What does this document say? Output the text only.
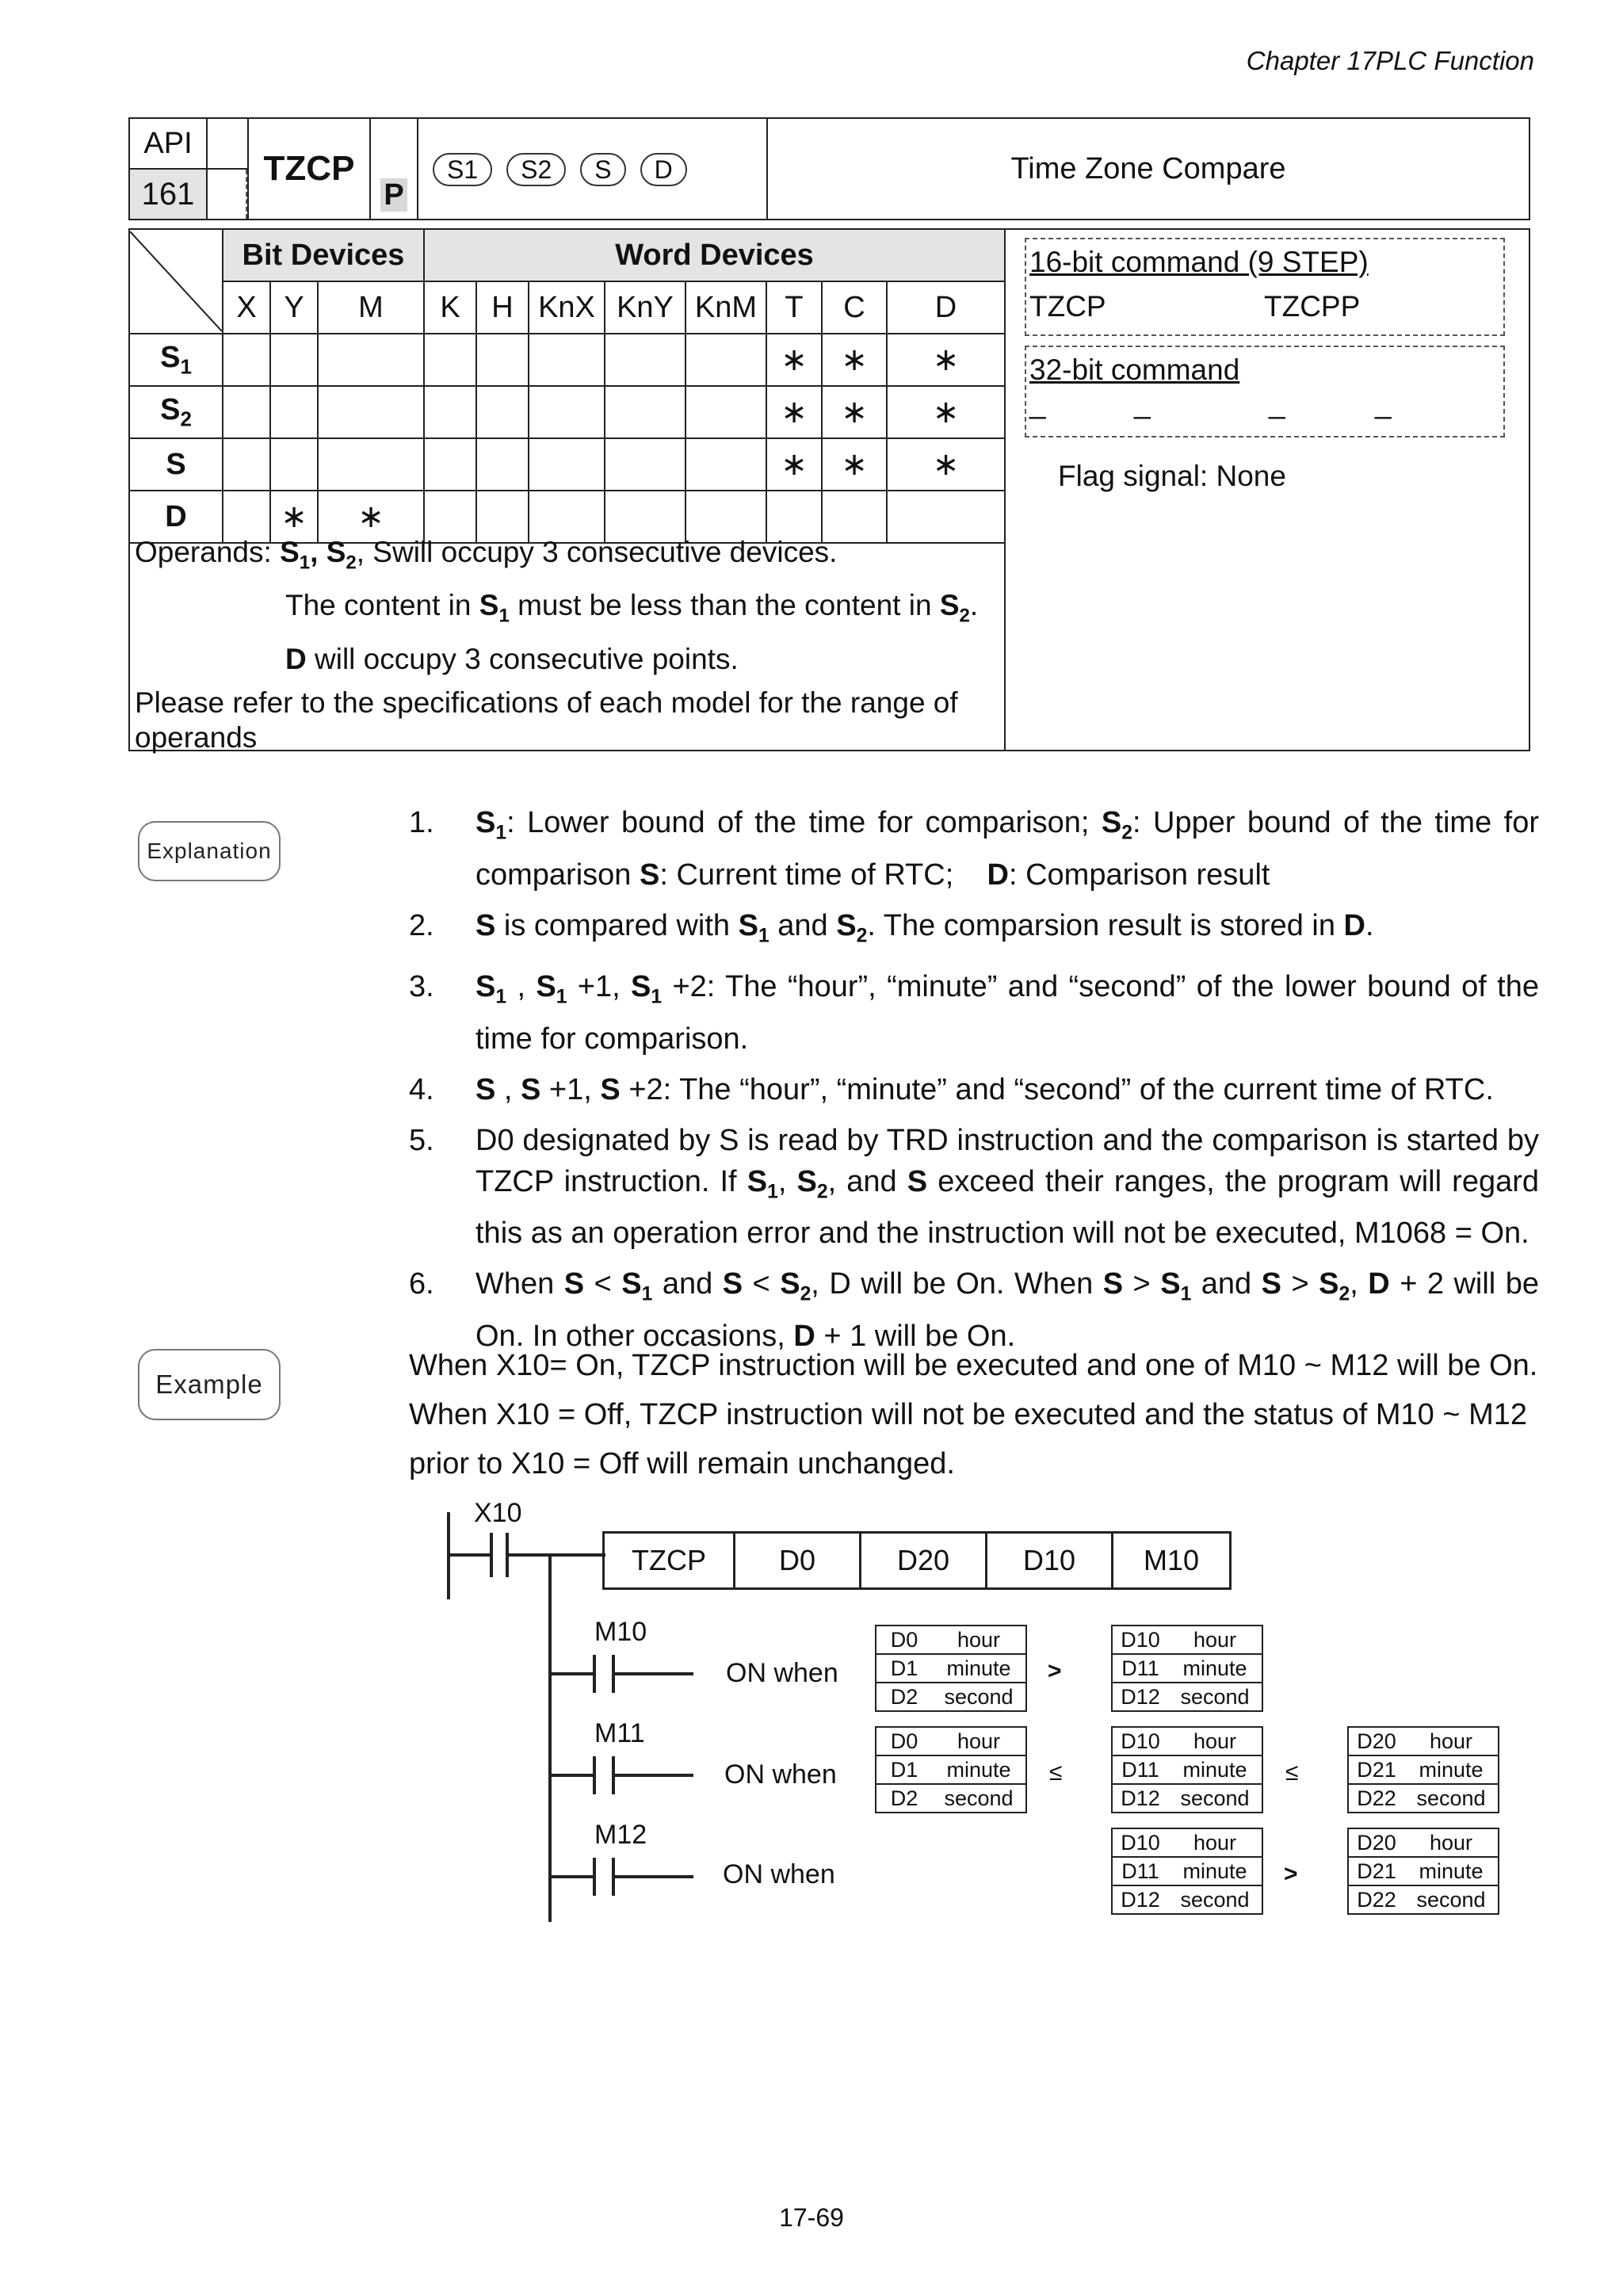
Chapter 17PLC Function
API
161

	TZCP	
P
	S1 S2 S D	Time Zone Compare
	Bit Devices			Word Devices							
	X	Y	M	K	H	KnX	KnY	KnM	T	C	D
$S_1$									∗	∗	∗
$S_2$									∗	∗	∗
S									∗	∗	∗
D		∗	∗								
Operands: $S_1$, $S_2$, Swill occupy 3 consecutive devices.
The content in $S_1$ must be less than the content in $S_2$.
D will occupy 3 consecutive points.
Please refer to the specifications of each model for the range of operands
16-bit command (9 STEP)
TZCP	TZCPP
32-bit command
_	_	_	_
Flag signal: None
Explanation
1. $S_1$: Lower bound of the time for comparison; $S_2$: Upper bound of the time for comparison S: Current time of RTC;    D: Comparison result
2. S is compared with $S_1$ and $S_2$. The comparsion result is stored in D.
3. $S_1$ , $S_1 +1$, $S_1 +2$: The “hour”, “minute” and “second” of the lower bound of the time for comparison.
4. S , S +1, S +2: The “hour”, “minute” and “second” of the current time of RTC.
5. D0 designated by S is read by TRD instruction and the comparison is started by TZCP instruction. If $S_1$, $S_2$, and S exceed their ranges, the program will regard this as an operation error and the instruction will not be executed, M1068 = On.
6. When $S < S_1$ and $S < S_2$, D will be On. When $S > S_1$ and $S > S_2$, D + 2 will be On. In other occasions, D + 1 will be On.
Example
When X10= On, TZCP instruction will be executed and one of M10 ~ M12 will be On.
When X10 = Off, TZCP instruction will not be executed and the status of M10 ~ M12
prior to X10 = Off will remain unchanged.
X10
TZCP	D0	D20	D10	M10
M10
M11
M12
ON when
ON when
ON when
D0	hour
D1	minute
D2	second
>
D10	hour
D11	minute
D12 second
D0	hour
D1	minute
D2	second
≤
D10	hour
D11	minute
D12 second
≤
D20	hour
D21	minute
D22 second
D10	hour
D11	minute
D12 second
>
D20	hour
D21	minute
D22 second
17-69
